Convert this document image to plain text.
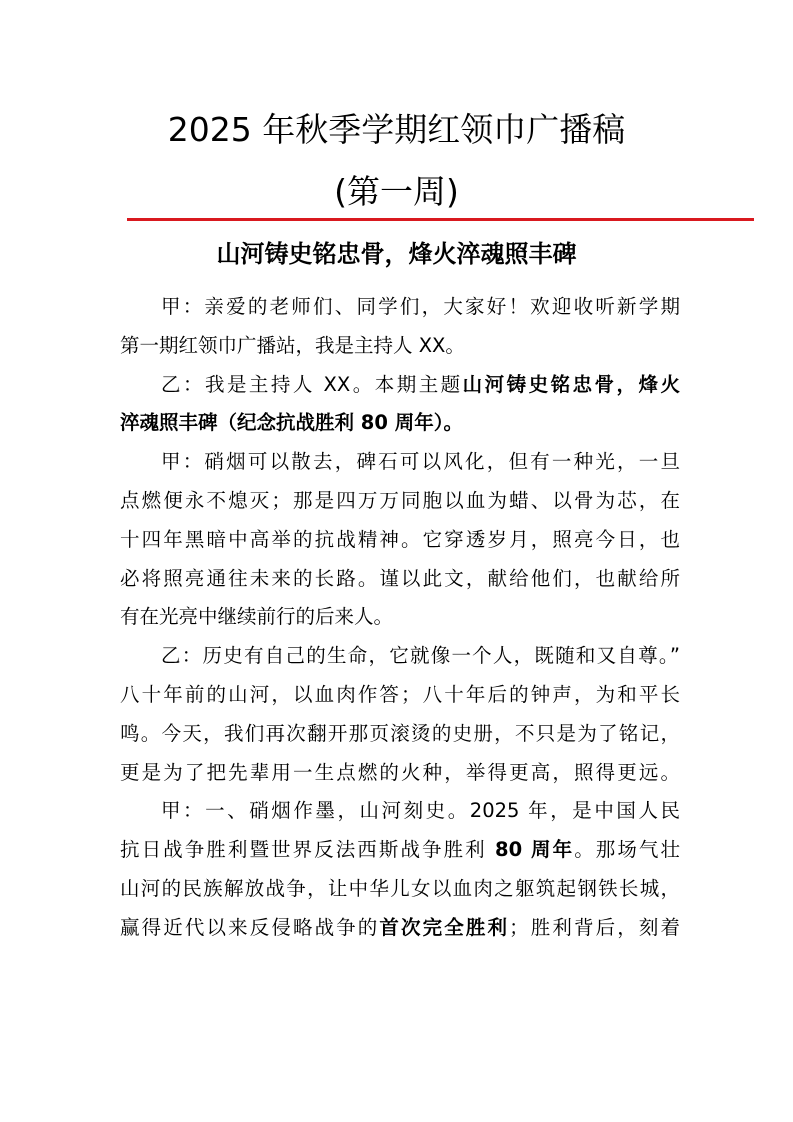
2025 年秋季学期红领巾广播稿
(第一周)
山河铸史铭忠骨，烽火淬魂照丰碑
甲：亲爱的老师们、同学们，大家好！欢迎收听新学期
第一期红领巾广播站，我是主持人 XX。
乙：我是主持人 XX。本期主题山河铸史铭忠骨，烽火
淬魂照丰碑（纪念抗战胜利 80 周年）。
甲：硝烟可以散去，碑石可以风化，但有一种光，一旦
点燃便永不熄灭；那是四万万同胞以血为蜡、以骨为芯，在
十四年黑暗中高举的抗战精神。它穿透岁月，照亮今日，也
必将照亮通往未来的长路。谨以此文，献给他们，也献给所
有在光亮中继续前行的后来人。
乙：历史有自己的生命，它就像一个人，既随和又自尊。”
八十年前的山河，以血肉作答；八十年后的钟声，为和平长
鸣。今天，我们再次翻开那页滚烫的史册，不只是为了铭记，
更是为了把先辈用一生点燃的火种，举得更高，照得更远。
甲：一、硝烟作墨，山河刻史。2025 年，是中国人民
抗日战争胜利暨世界反法西斯战争胜利 80 周年。那场气壮
山河的民族解放战争，让中华儿女以血肉之躯筑起钢铁长城，
赢得近代以来反侵略战争的首次完全胜利；胜利背后，刻着
